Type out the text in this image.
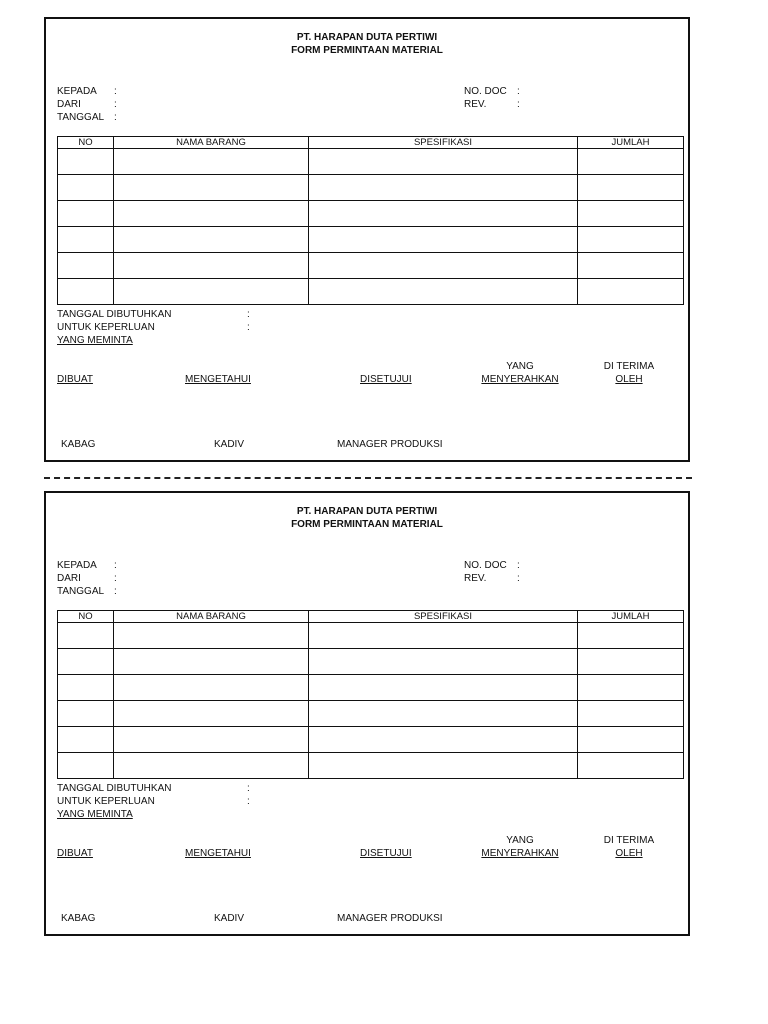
PT. HARAPAN DUTA PERTIWI
FORM PERMINTAAN MATERIAL
KEPADA :
DARI	:
TANGGAL :
NO. DOC :
REV.	:
NO	NAMA BARANG	SPESIFIKASI	JUMLAH

TANGGAL DIBUTUHKAN	:
UNTUK KEPERLUAN	:
YANG MEMINTA
DIBUAT	MENGETAHUI	DISETUJUI
YANG
MENYERAHKAN
DI TERIMA
OLEH
KABAG	KADIV	MANAGER PRODUKSI
PT. HARAPAN DUTA PERTIWI
FORM PERMINTAAN MATERIAL
KEPADA :
DARI	:
TANGGAL :
NO. DOC :
REV.	:
NO	NAMA BARANG	SPESIFIKASI	JUMLAH

TANGGAL DIBUTUHKAN	:
UNTUK KEPERLUAN	:
YANG MEMINTA
DIBUAT	MENGETAHUI	DISETUJUI
YANG
MENYERAHKAN
DI TERIMA
OLEH
KABAG	KADIV	MANAGER PRODUKSI
